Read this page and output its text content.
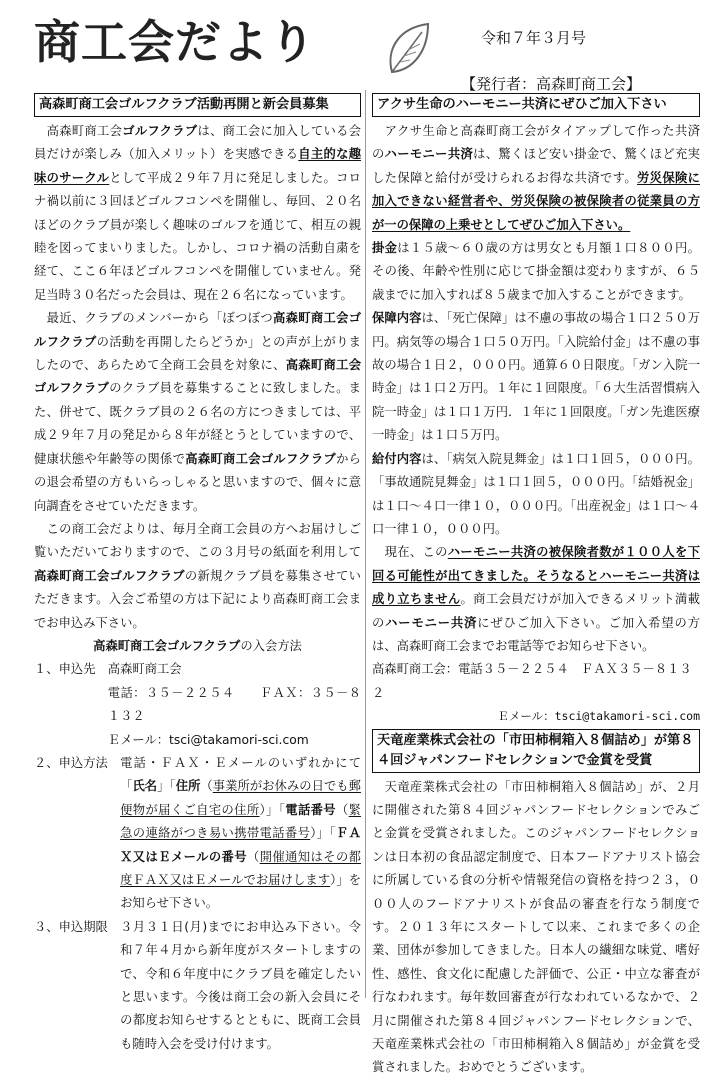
商工会だより	令和７年３月号
【発行者：高森町商工会】
高森町商工会ゴルフクラブ活動再開と新会員募集
　高森町商工会ゴルフクラブは、商工会に加入している会員だけが楽しみ（加入メリット）を実感できる自主的な趣味のサークルとして平成２９年７月に発足しました。コロナ禍以前に３回ほどゴルフコンペを開催し、毎回、２０名ほどのクラブ員が楽しく趣味のゴルフを通じて、相互の親睦を図ってまいりました。しかし、コロナ禍の活動自粛を経て、ここ６年ほどゴルフコンペを開催していません。発足当時３０名だった会員は、現在２６名になっています。
　最近、クラブのメンバーから「ぼつぼつ高森町商工会ゴルフクラブの活動を再開したらどうか」との声が上がりましたので、あらためて全商工会員を対象に、高森町商工会ゴルフクラブのクラブ員を募集することに致しました。また、併せて、既クラブ員の２６名の方につきましては、平成２９年７月の発足から８年が経とうとしていますので、健康状態や年齢等の関係で高森町商工会ゴルフクラブからの退会希望の方もいらっしゃると思いますので、個々に意向調査をさせていただきます。
　この商工会だよりは、毎月全商工会員の方へお届けしご覧いただいておりますので、この３月号の紙面を利用して高森町商工会ゴルフクラブの新規クラブ員を募集させていただきます。入会ご希望の方は下記により高森町商工会までお申込み下さい。
高森町商工会ゴルフクラブの入会方法
１、申込先　 高森町商工会
電話：３５－２２５４　　ＦＡＸ：３５－８１３２
Ｅメール：tsci@takamori-sci.com
２、申込方法　 電話・ＦＡＸ・Ｅメールのいずれかにて「氏名」「住所（事業所がお休みの日でも郵便物が届くご自宅の住所）」「電話番号（緊急の連絡がつき易い携帯電話番号）」「ＦＡＸ又はＥメールの番号（開催通知はその都度ＦＡＸ又はＥメールでお届けします）」をお知らせ下さい。
３、申込期限　 ３月３１日(月)までにお申込み下さい。令和７年４月から新年度がスタートしますので、令和６年度中にクラブ員を確定したいと思います。今後は商工会の新入会員にその都度お知らせするとともに、既商工会員も随時入会を受け付けます。
アクサ生命のハーモニー共済にぜひご加入下さい
　アクサ生命と高森町商工会がタイアップして作った共済のハーモニー共済は、驚くほど安い掛金で、驚くほど充実した保障と給付が受けられるお得な共済です。労災保険に加入できない経営者や、労災保険の被保険者の従業員の方が一の保障の上乗せとしてぜひご加入下さい。
掛金は１５歳～６０歳の方は男女とも月額１口８００円。その後、年齢や性別に応じて掛金額は変わりますが、６５歳までに加入すれば８５歳まで加入することができます。
保障内容は、「死亡保障」は不慮の事故の場合１口２５０万円。病気等の場合１口５０万円。「入院給付金」は不慮の事故の場合１日２，０００円。通算６０日限度。「ガン入院一時金」は１口２万円。１年に１回限度。「６大生活習慣病入院一時金」は１口１万円．１年に１回限度。「ガン先進医療一時金」は１口５万円。
給付内容は、「病気入院見舞金」は１口１回５，０００円。「事故通院見舞金」は１口１回５，０００円。「結婚祝金」は１口～４口一律１０，０００円。「出産祝金」は１口～４口一律１０，０００円。
　現在、このハーモニー共済の被保険者数が１００人を下回る可能性が出てきました。そうなるとハーモニー共済は成り立ちません。商工会員だけが加入できるメリット満載のハーモニー共済にぜひご加入下さい。ご加入希望の方は、高森町商工会までお電話等でお知らせ下さい。
高森町商工会：電話３５－２２５４　ＦＡＸ３５－８１３２
Ｅメール：tsci@takamori-sci.com
天竜産業株式会社の「市田柿桐箱入８個詰め」が第８４回ジャパンフードセレクションで金賞を受賞
　天竜産業株式会社の「市田柿桐箱入８個詰め」が、２月に開催された第８４回ジャパンフードセレクションでみごと金賞を受賞されました。このジャパンフードセレクションは日本初の食品認定制度で、日本フードアナリスト協会に所属している食の分析や情報発信の資格を持つ２３，０００人のフードアナリストが食品の審査を行なう制度です。２０１３年にスタートして以来、これまで多くの企業、団体が参加してきました。日本人の繊細な味覚、嗜好性、感性、食文化に配慮した評価で、公正・中立な審査が行なわれます。毎年数回審査が行なわれているなかで、２月に開催された第８４回ジャパンフードセレクションで、天竜産業株式会社の「市田柿桐箱入８個詰め」が金賞を受賞されました。おめでとうございます。
